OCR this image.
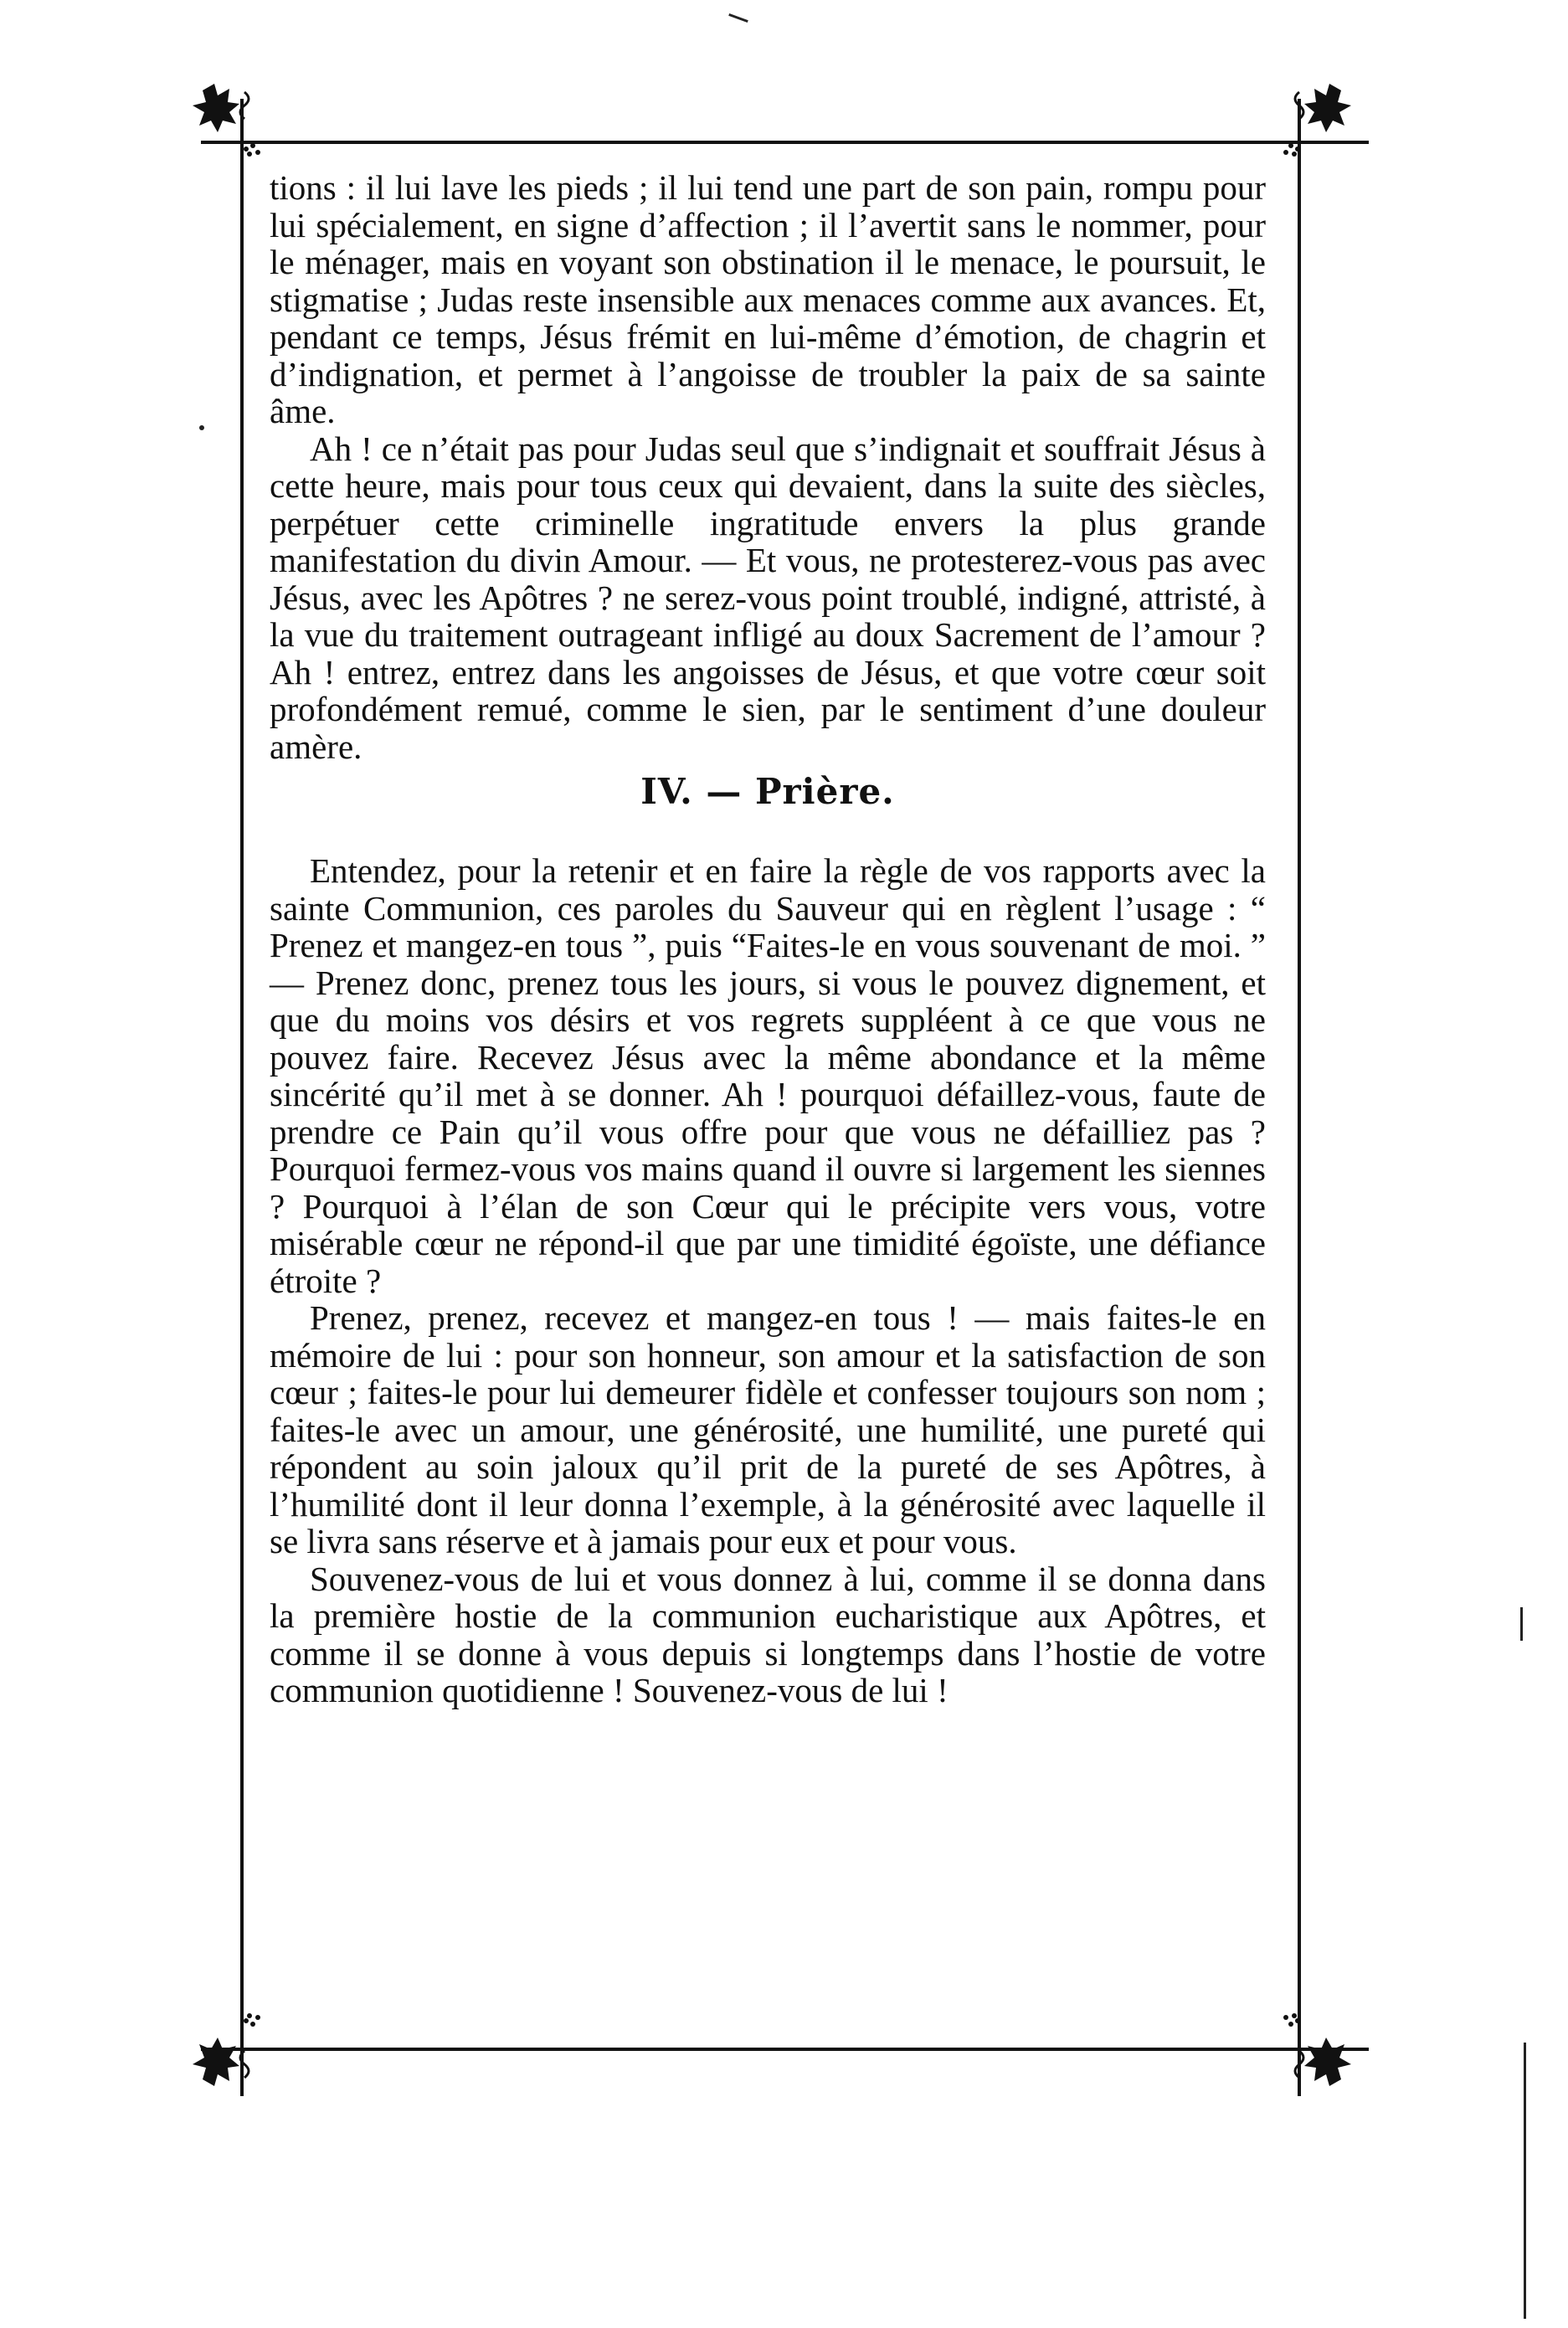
tions : il lui lave les pieds ; il lui tend une part de son pain, rompu pour lui spécialement, en signe d’affection ; il l’avertit sans le nommer, pour le ménager, mais en voyant son obstination il le menace, le poursuit, le stigmatise ; Judas reste insensible aux menaces comme aux avances. Et, pendant ce temps, Jésus frémit en lui-même d’émotion, de chagrin et d’indignation, et permet à l’angoisse de troubler la paix de sa sainte âme.

Ah ! ce n’était pas pour Judas seul que s’indignait et souffrait Jésus à cette heure, mais pour tous ceux qui devaient, dans la suite des siècles, perpétuer cette criminelle ingratitude envers la plus grande manifestation du divin Amour. — Et vous, ne protesterez-vous pas avec Jésus, avec les Apôtres ? ne serez-vous point troublé, indigné, attristé, à la vue du traitement outrageant infligé au doux Sacrement de l’amour ? Ah ! entrez, entrez dans les angoisses de Jésus, et que votre cœur soit profondément remué, comme le sien, par le sentiment d’une douleur amère.

IV. — Prière.

Entendez, pour la retenir et en faire la règle de vos rapports avec la sainte Communion, ces paroles du Sauveur qui en règlent l’usage : “ Prenez et mangez-en tous ”, puis “Faites-le en vous souvenant de moi. ” — Prenez donc, prenez tous les jours, si vous le pouvez dignement, et que du moins vos désirs et vos regrets suppléent à ce que vous ne pouvez faire. Recevez Jésus avec la même abondance et la même sincérité qu’il met à se donner. Ah ! pourquoi défaillez-vous, faute de prendre ce Pain qu’il vous offre pour que vous ne défailliez pas ? Pourquoi fermez-vous vos mains quand il ouvre si largement les siennes ? Pourquoi à l’élan de son Cœur qui le précipite vers vous, votre misérable cœur ne répond-il que par une timidité égoïste, une défiance étroite ?

Prenez, prenez, recevez et mangez-en tous ! — mais faites-le en mémoire de lui : pour son honneur, son amour et la satisfaction de son cœur ; faites-le pour lui demeurer fidèle et confesser toujours son nom ; faites-le avec un amour, une générosité, une humilité, une pureté qui répondent au soin jaloux qu’il prit de la pureté de ses Apôtres, à l’humilité dont il leur donna l’exemple, à la générosité avec laquelle il se livra sans réserve et à jamais pour eux et pour vous.

Souvenez-vous de lui et vous donnez à lui, comme il se donna dans la première hostie de la communion eucharistique aux Apôtres, et comme il se donne à vous depuis si longtemps dans l’hostie de votre communion quotidienne ! Souvenez-vous de lui !
